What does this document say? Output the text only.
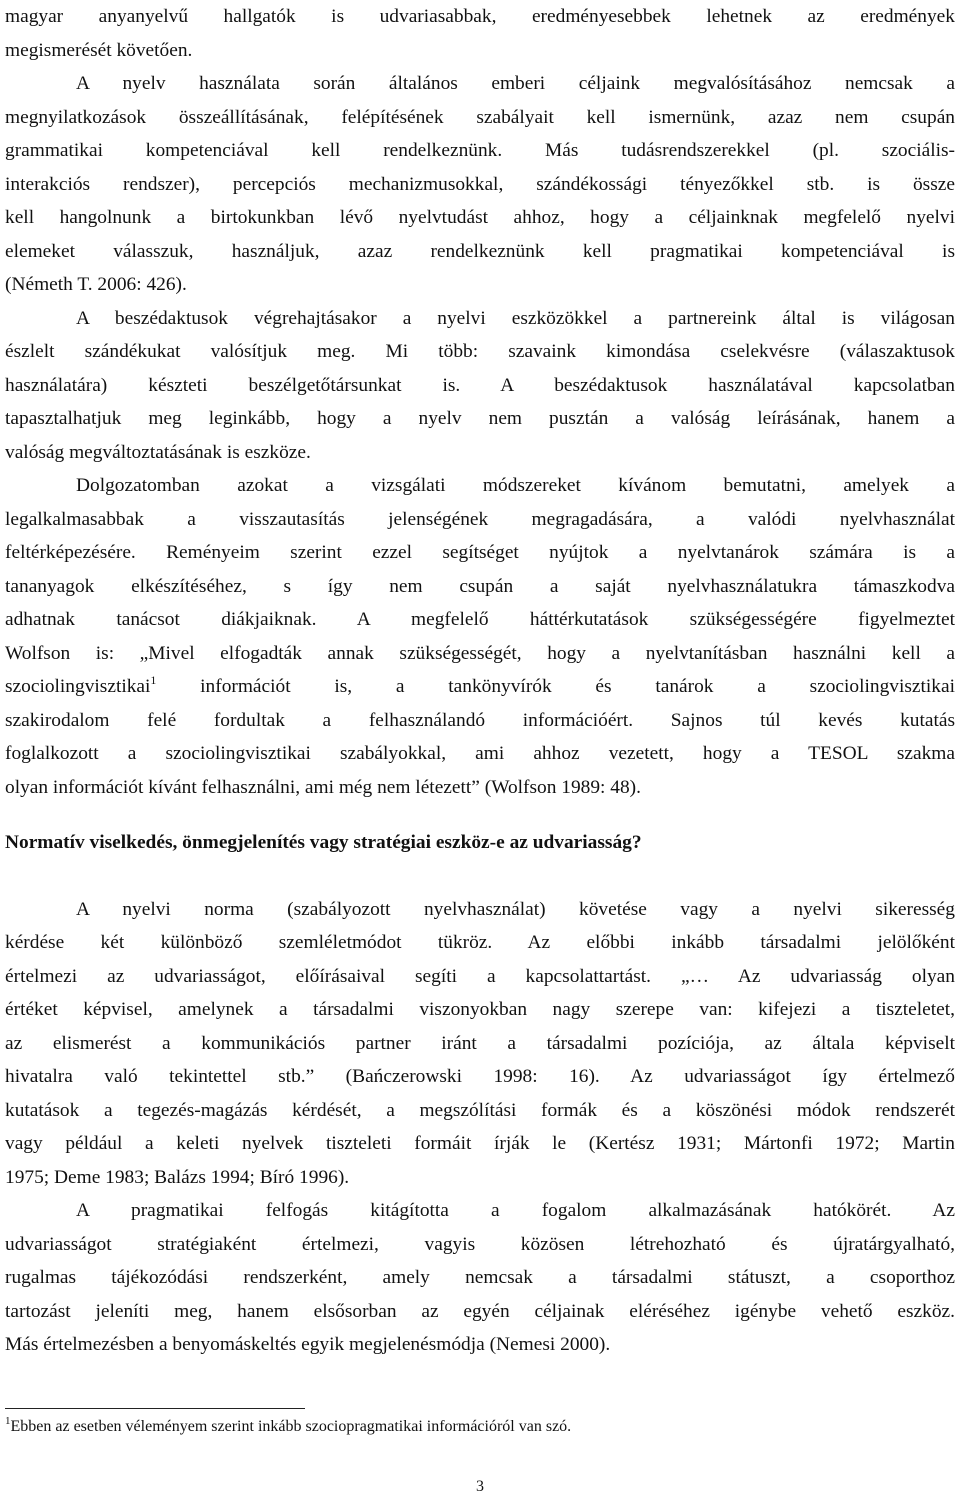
magyar anyanyelvű hallgatók is udvariasabbak, eredményesebbek lehetnek az eredmények
megismerését követően.
A nyelv használata során általános emberi céljaink megvalósításához nemcsak a
megnyilatkozások összeállításának, felépítésének szabályait kell ismernünk, azaz nem csupán
grammatikai kompetenciával kell rendelkeznünk. Más tudásrendszerekkel (pl. szociális-
interakciós rendszer), percepciós mechanizmusokkal, szándékossági tényezőkkel stb. is össze
kell hangolnunk a birtokunkban lévő nyelvtudást ahhoz, hogy a céljainknak megfelelő nyelvi
elemeket válasszuk, használjuk, azaz rendelkeznünk kell pragmatikai kompetenciával is
(Németh T. 2006: 426).
A beszédaktusok végrehajtásakor a nyelvi eszközökkel a partnereink által is világosan
észlelt szándékukat valósítjuk meg. Mi több: szavaink kimondása cselekvésre (válaszaktusok
használatára) készteti beszélgetőtársunkat is. A beszédaktusok használatával kapcsolatban
tapasztalhatjuk meg leginkább, hogy a nyelv nem pusztán a valóság leírásának, hanem a
valóság megváltoztatásának is eszköze.
Dolgozatomban azokat a vizsgálati módszereket kívánom bemutatni, amelyek a
legalkalmasabbak a visszautasítás jelenségének megragadására, a valódi nyelvhasználat
feltérképezésére. Reményeim szerint ezzel segítséget nyújtok a nyelvtanárok számára is a
tananyagok elkészítéséhez, s így nem csupán a saját nyelvhasználatukra támaszkodva
adhatnak tanácsot diákjaiknak. A megfelelő háttérkutatások szükségességére figyelmeztet
Wolfson is: „Mivel elfogadták annak szükségességét, hogy a nyelvtanításban használni kell a
szociolingvisztikai$^1$ információt is, a tankönyvírók és tanárok a szociolingvisztikai
szakirodalom felé fordultak a felhasználandó információért. Sajnos túl kevés kutatás
foglalkozott a szociolingvisztikai szabályokkal, ami ahhoz vezetett, hogy a TESOL szakma
olyan információt kívánt felhasználni, ami még nem létezett” (Wolfson 1989: 48).
Normatív viselkedés, önmegjelenítés vagy stratégiai eszköz-e az udvariasság?
A nyelvi norma (szabályozott nyelvhasználat) követése vagy a nyelvi sikeresség
kérdése két különböző szemléletmódot tükröz. Az előbbi inkább társadalmi jelölőként
értelmezi az udvariasságot, előírásaival segíti a kapcsolattartást. „… Az udvariasság olyan
értéket képvisel, amelynek a társadalmi viszonyokban nagy szerepe van: kifejezi a tiszteletet,
az elismerést a kommunikációs partner iránt a társadalmi pozíciója, az általa képviselt
hivatalra való tekintettel stb.” (Bańczerowski 1998: 16). Az udvariasságot így értelmező
kutatások a tegezés-magázás kérdését, a megszólítási formák és a köszönési módok rendszerét
vagy például a keleti nyelvek tiszteleti formáit írják le (Kertész 1931; Mártonfi 1972; Martin
1975; Deme 1983; Balázs 1994; Bíró 1996).
A pragmatikai felfogás kitágította a fogalom alkalmazásának hatókörét. Az
udvariasságot stratégiaként értelmezi, vagyis közösen létrehozható és újratárgyalható,
rugalmas tájékozódási rendszerként, amely nemcsak a társadalmi státuszt, a csoporthoz
tartozást jeleníti meg, hanem elsősorban az egyén céljainak eléréséhez igénybe vehető eszköz.
Más értelmezésben a benyomáskeltés egyik megjelenésmódja (Nemesi 2000).
$^1$Ebben az esetben véleményem szerint inkább szociopragmatikai információról van szó.
3
